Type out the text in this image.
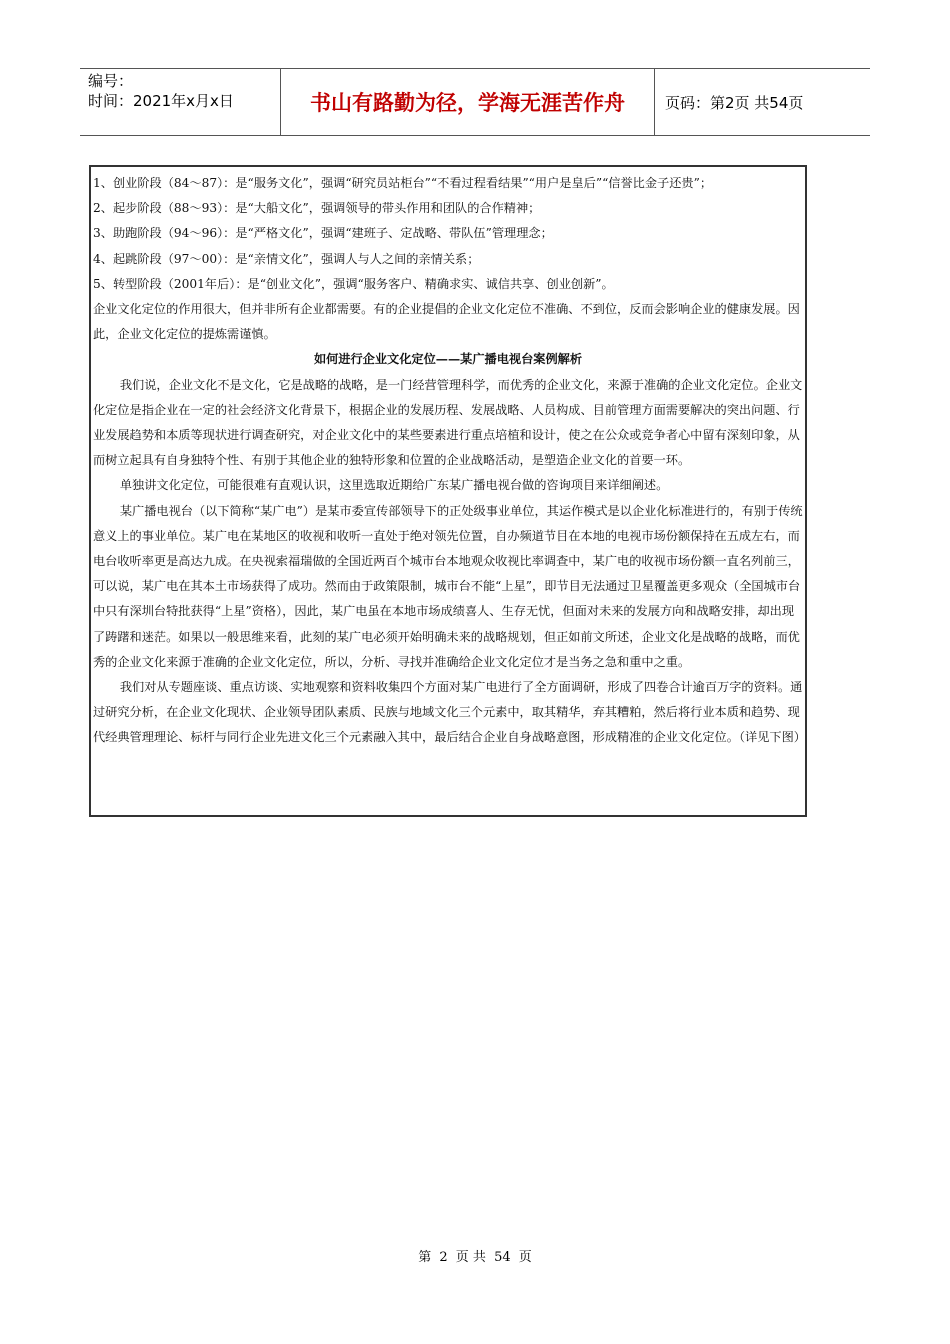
编号：
时间：2021年x月x日	书山有路勤为径，学海无涯苦作舟	页码：第2页 共54页

1、创业阶段（84～87）：是“服务文化”，强调“研究员站柜台”“不看过程看结果”“用户是皇后”“信誉比金子还贵”；

2、起步阶段（88～93）：是“大船文化”，强调领导的带头作用和团队的合作精神；

3、助跑阶段（94～96）：是“严格文化”，强调“建班子、定战略、带队伍”管理理念；

4、起跳阶段（97～00）：是“亲情文化”，强调人与人之间的亲情关系；

5、转型阶段（2001年后）：是“创业文化”，强调“服务客户、精确求实、诚信共享、创业创新”。

企业文化定位的作用很大，但并非所有企业都需要。有的企业提倡的企业文化定位不准确、不到位，反而会影响企业的健康发展。因此，企业文化定位的提炼需谨慎。

如何进行企业文化定位——某广播电视台案例解析

我们说，企业文化不是文化，它是战略的战略，是一门经营管理科学，而优秀的企业文化，来源于准确的企业文化定位。企业文化定位是指企业在一定的社会经济文化背景下，根据企业的发展历程、发展战略、人员构成、目前管理方面需要解决的突出问题、行业发展趋势和本质等现状进行调查研究，对企业文化中的某些要素进行重点培植和设计，使之在公众或竞争者心中留有深刻印象，从而树立起具有自身独特个性、有别于其他企业的独特形象和位置的企业战略活动，是塑造企业文化的首要一环。

单独讲文化定位，可能很难有直观认识，这里选取近期给广东某广播电视台做的咨询项目来详细阐述。

某广播电视台（以下简称“某广电”）是某市委宣传部领导下的正处级事业单位，其运作模式是以企业化标准进行的，有别于传统意义上的事业单位。某广电在某地区的收视和收听一直处于绝对领先位置，自办频道节目在本地的电视市场份额保持在五成左右，而电台收听率更是高达九成。在央视索福瑞做的全国近两百个城市台本地观众收视比率调查中，某广电的收视市场份额一直名列前三，可以说，某广电在其本土市场获得了成功。然而由于政策限制，城市台不能“上星”，即节目无法通过卫星覆盖更多观众（全国城市台中只有深圳台特批获得“上星”资格），因此，某广电虽在本地市场成绩喜人、生存无忧，但面对未来的发展方向和战略安排，却出现了踌躇和迷茫。如果以一般思维来看，此刻的某广电必须开始明确未来的战略规划，但正如前文所述，企业文化是战略的战略，而优秀的企业文化来源于准确的企业文化定位，所以，分析、寻找并准确给企业文化定位才是当务之急和重中之重。

我们对从专题座谈、重点访谈、实地观察和资料收集四个方面对某广电进行了全方面调研，形成了四卷合计逾百万字的资料。通过研究分析，在企业文化现状、企业领导团队素质、民族与地域文化三个元素中，取其精华，弃其糟粕，然后将行业本质和趋势、现代经典管理理论、标杆与同行企业先进文化三个元素融入其中，最后结合企业自身战略意图，形成精准的企业文化定位。（详见下图）

第 2 页 共 54 页
